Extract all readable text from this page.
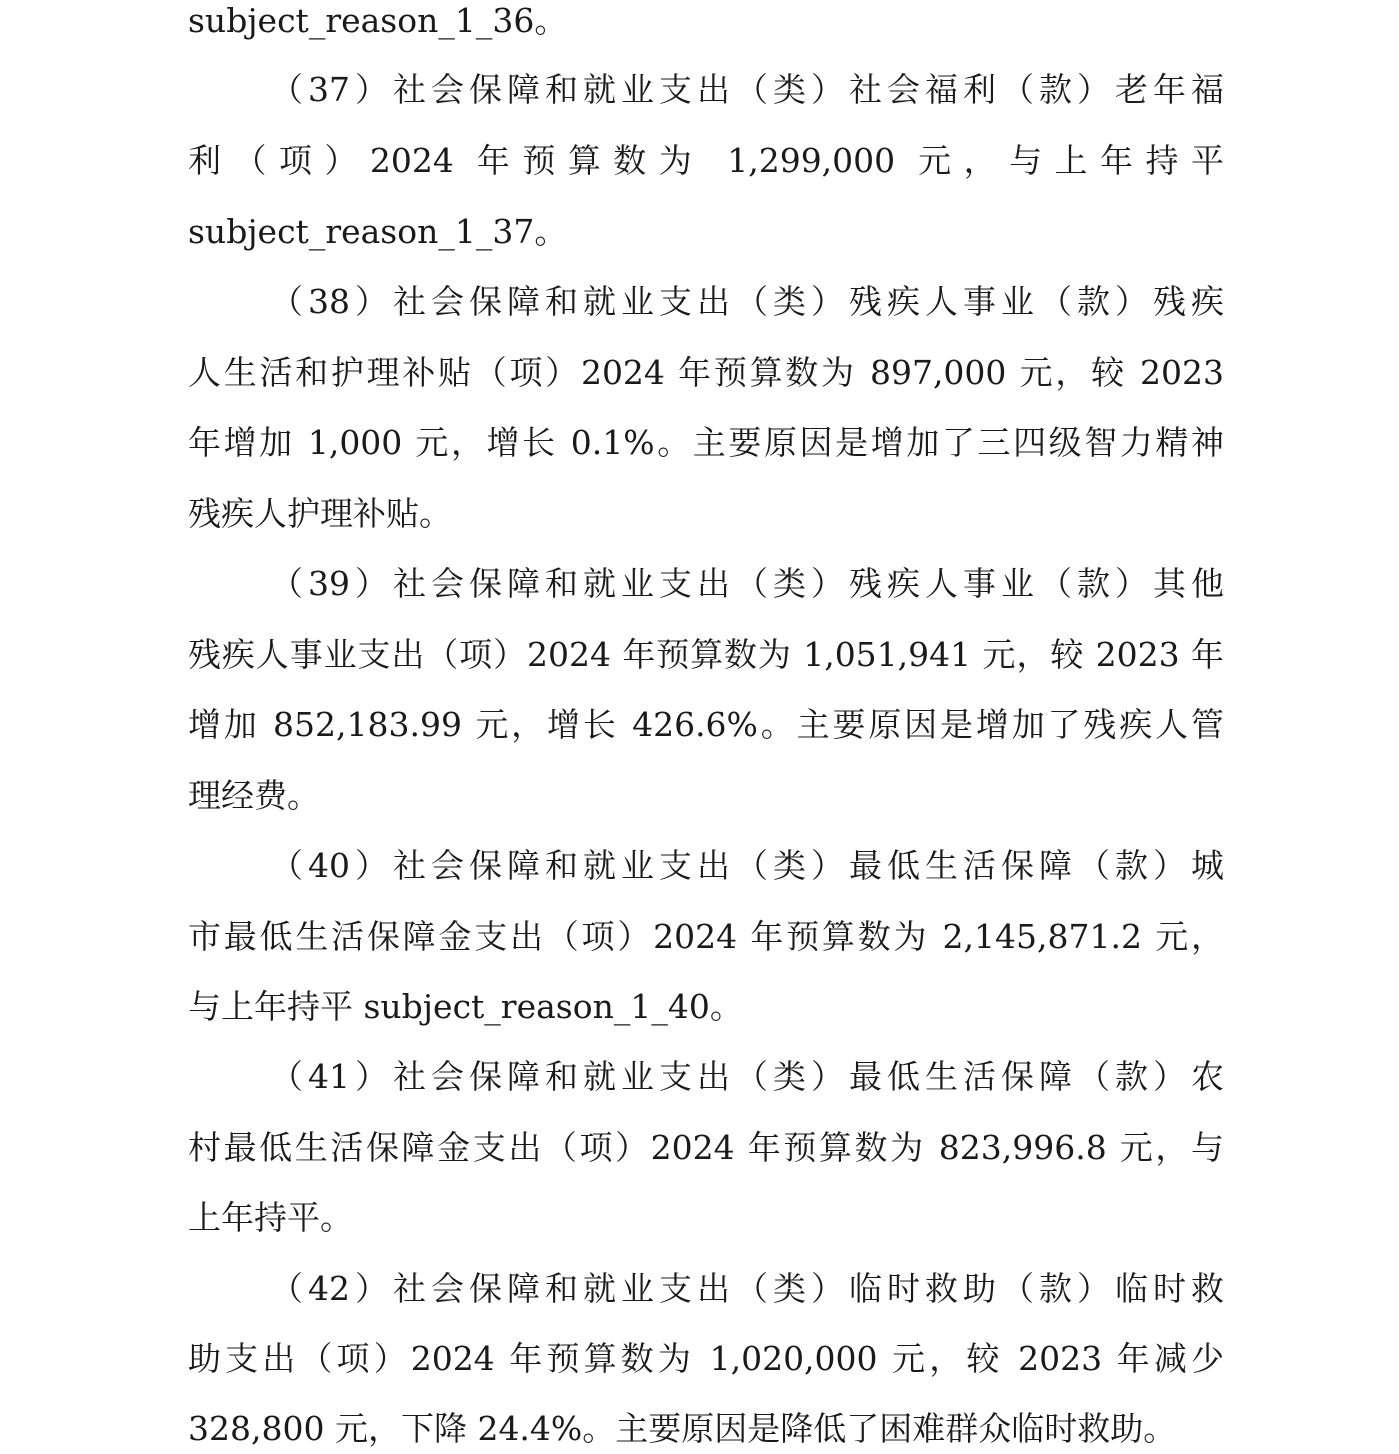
subject_reason_1_36。
（37）社会保障和就业支出（类）社会福利（款）老年福
利（项）2024 年预算数为 1,299,000 元，与上年持平
subject_reason_1_37。
（38）社会保障和就业支出（类）残疾人事业（款）残疾
人生活和护理补贴（项）2024 年预算数为 897,000 元，较 2023
年增加 1,000 元，增长 0.1%。主要原因是增加了三四级智力精神
残疾人护理补贴。
（39）社会保障和就业支出（类）残疾人事业（款）其他
残疾人事业支出（项）2024 年预算数为 1,051,941 元，较 2023 年
增加 852,183.99 元，增长 426.6%。主要原因是增加了残疾人管
理经费。
（40）社会保障和就业支出（类）最低生活保障（款）城
市最低生活保障金支出（项）2024 年预算数为 2,145,871.2 元，
与上年持平 subject_reason_1_40。
（41）社会保障和就业支出（类）最低生活保障（款）农
村最低生活保障金支出（项）2024 年预算数为 823,996.8 元，与
上年持平。
（42）社会保障和就业支出（类）临时救助（款）临时救
助支出（项）2024 年预算数为 1,020,000 元，较 2023 年减少
328,800 元，下降 24.4%。主要原因是降低了困难群众临时救助。
